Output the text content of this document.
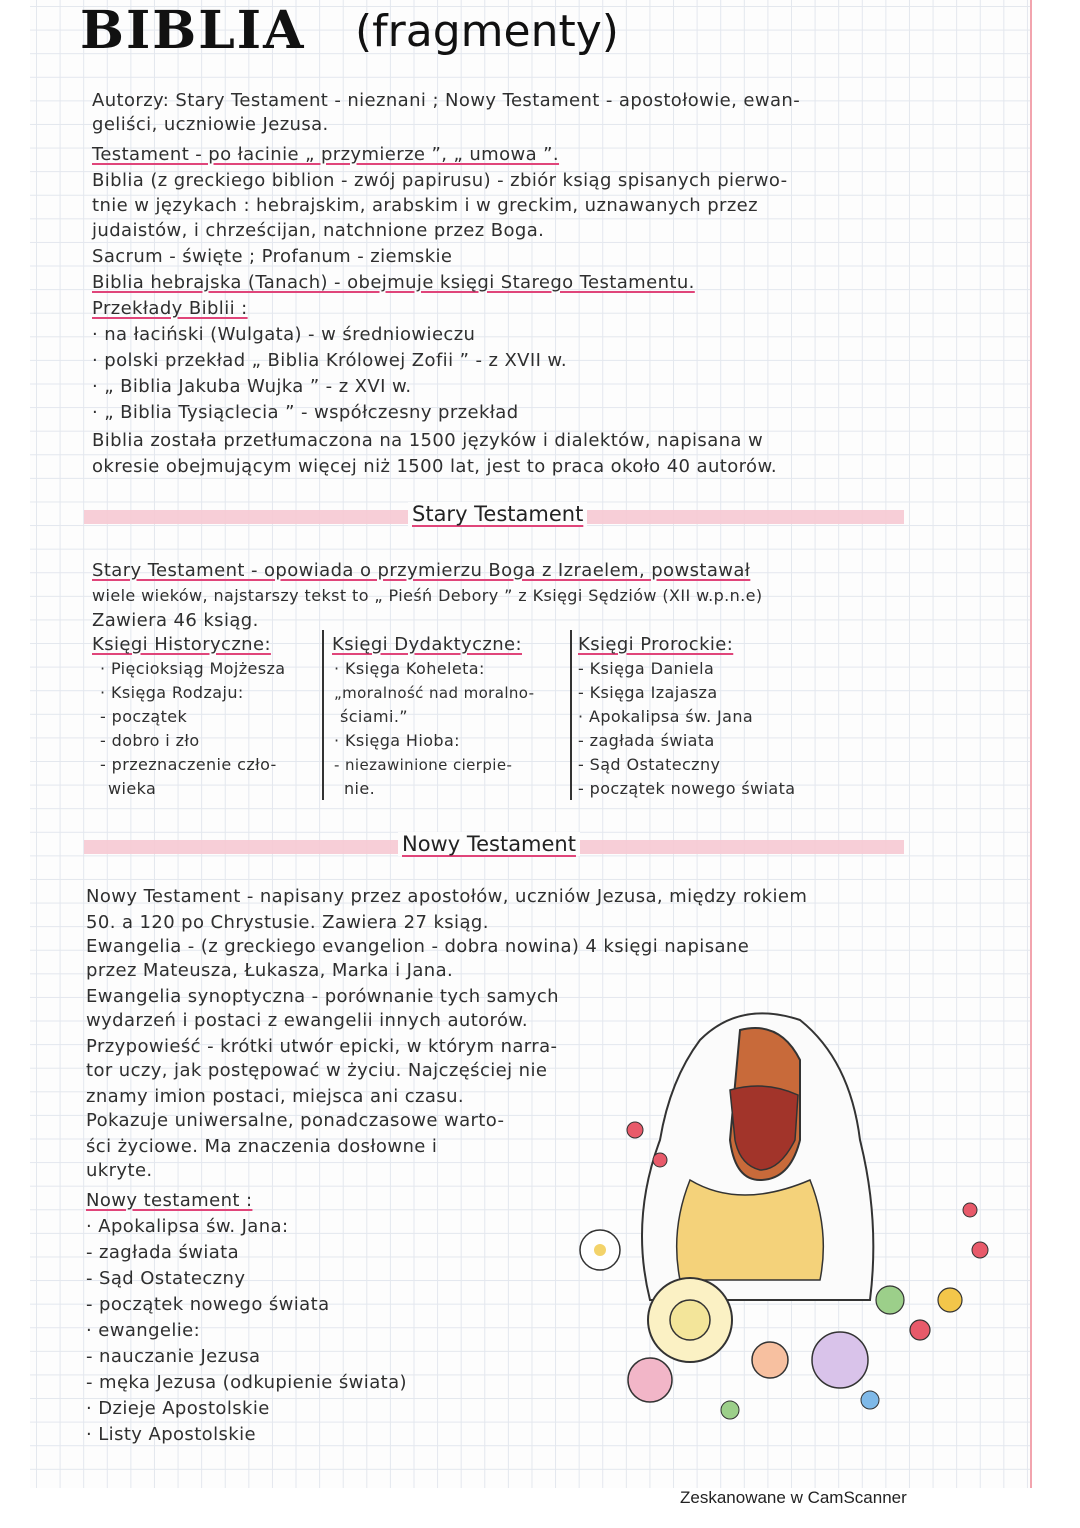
BIBLIA (fragmenty)
Autorzy: Stary Testament - nieznani ; Nowy Testament - apostołowie, ewan-
geliści, uczniowie Jezusa.
Testament - po łacinie „ przymierze ”, „ umowa ”.
Biblia (z greckiego biblion - zwój papirusu) - zbiór ksiąg spisanych pierwo-
tnie w językach : hebrajskim, arabskim i w greckim, uznawanych przez
judaistów, i chrześcijan, natchnione przez Boga.
Sacrum - święte ; Profanum - ziemskie
Biblia hebrajska (Tanach) - obejmuje księgi Starego Testamentu.
Przekłady Biblii :
· na łaciński (Wulgata) - w średniowieczu
· polski przekład „ Biblia Królowej Zofii ” - z XVII w.
· „ Biblia Jakuba Wujka ” - z XVI w.
· „ Biblia Tysiąclecia ” - współczesny przekład
Biblia została przetłumaczona na 1500 języków i dialektów, napisana w
okresie obejmującym więcej niż 1500 lat, jest to praca około 40 autorów.
Stary Testament
Stary Testament - opowiada o przymierzu Boga z Izraelem, powstawał
wiele wieków, najstarszy tekst to „ Pieśń Debory ” z Księgi Sędziów (XII w.p.n.e)
Zawiera 46 ksiąg.
Księgi Historyczne:
· Pięcioksiąg Mojżesza
· Księga Rodzaju:
- początek
- dobro i zło
- przeznaczenie czło-
wieka
Księgi Dydaktyczne:
· Księga Koheleta:
„moralność nad moralno-
ściami.”
· Księga Hioba:
- niezawinione cierpie-
nie.
Księgi Prorockie:
- Księga Daniela
- Księga Izajasza
· Apokalipsa św. Jana
- zagłada świata
- Sąd Ostateczny
- początek nowego świata
Nowy Testament
Nowy Testament - napisany przez apostołów, uczniów Jezusa, między rokiem
50. a 120 po Chrystusie. Zawiera 27 ksiąg.
Ewangelia - (z greckiego evangelion - dobra nowina) 4 księgi napisane
przez Mateusza, Łukasza, Marka i Jana.
Ewangelia synoptyczna - porównanie tych samych
wydarzeń i postaci z ewangelii innych autorów.
Przypowieść - krótki utwór epicki, w którym narra-
tor uczy, jak postępować w życiu. Najczęściej nie
znamy imion postaci, miejsca ani czasu.
Pokazuje uniwersalne, ponadczasowe warto-
ści życiowe. Ma znaczenia dosłowne i
ukryte.
Nowy testament :
· Apokalipsa św. Jana:
- zagłada świata
- Sąd Ostateczny
- początek nowego świata
· ewangelie:
- nauczanie Jezusa
- męka Jezusa (odkupienie świata)
· Dzieje Apostolskie
· Listy Apostolskie
Zeskanowane w CamScanner
